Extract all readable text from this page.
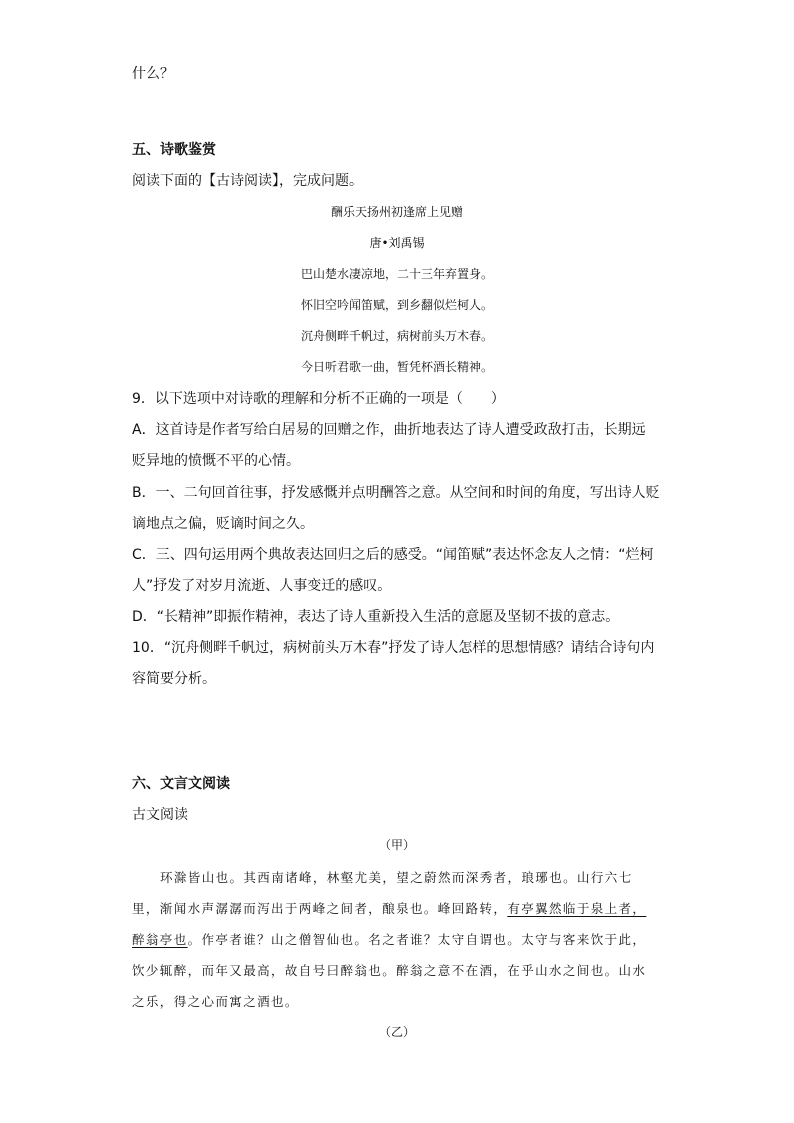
什么？
五、诗歌鉴赏
阅读下面的【古诗阅读】，完成问题。
酬乐天扬州初逢席上见赠
唐•刘禹锡
巴山楚水凄凉地，二十三年弃置身。
怀旧空吟闻笛赋，到乡翻似烂柯人。
沉舟侧畔千帆过，病树前头万木春。
今日听君歌一曲，暂凭杯酒长精神。
9．以下选项中对诗歌的理解和分析不正确的一项是（　　）
A．这首诗是作者写给白居易的回赠之作，曲折地表达了诗人遭受政敌打击，长期远
贬异地的愤慨不平的心情。
B．一、二句回首往事，抒发感慨并点明酬答之意。从空间和时间的角度，写出诗人贬
谪地点之偏，贬谪时间之久。
C．三、四句运用两个典故表达回归之后的感受。“闻笛赋”表达怀念友人之情：“烂柯
人”抒发了对岁月流逝、人事变迁的感叹。
D．“长精神”即振作精神，表达了诗人重新投入生活的意愿及坚韧不拔的意志。
10．“沉舟侧畔千帆过，病树前头万木春”抒发了诗人怎样的思想情感？请结合诗句内
容简要分析。
六、文言文阅读
古文阅读
（甲）
环滁皆山也。其西南诸峰，林壑尤美，望之蔚然而深秀者，琅琊也。山行六七
里，渐闻水声潺潺而泻出于两峰之间者，酿泉也。峰回路转，有亭翼然临于泉上者，
醉翁亭也。作亭者谁？山之僧智仙也。名之者谁？太守自谓也。太守与客来饮于此，
饮少辄醉，而年又最高，故自号曰醉翁也。醉翁之意不在酒，在乎山水之间也。山水
之乐，得之心而寓之酒也。
（乙）
